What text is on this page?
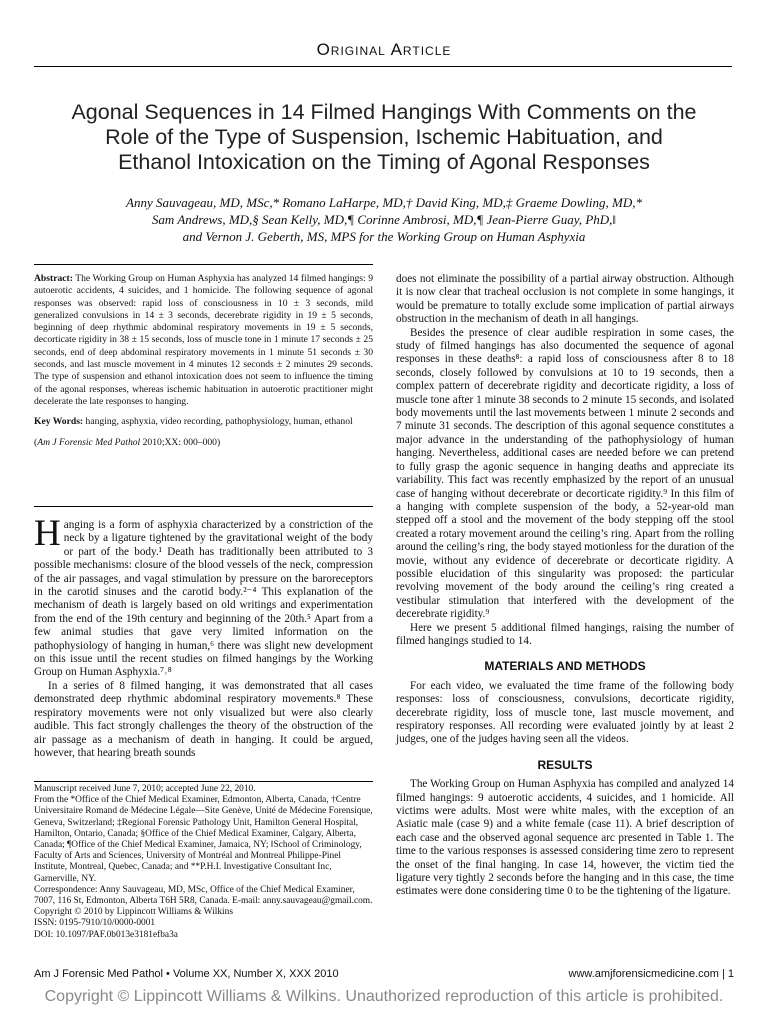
Original Article
Agonal Sequences in 14 Filmed Hangings With Comments on the
Role of the Type of Suspension, Ischemic Habituation, and
Ethanol Intoxication on the Timing of Agonal Responses
Anny Sauvageau, MD, MSc,* Romano LaHarpe, MD,† David King, MD,‡ Graeme Dowling, MD,*
Sam Andrews, MD,§ Sean Kelly, MD,¶ Corinne Ambrosi, MD,¶ Jean-Pierre Guay, PhD,‖
and Vernon J. Geberth, MS, MPS for the Working Group on Human Asphyxia

Abstract: The Working Group on Human Asphyxia has analyzed 14 filmed hangings: 9 autoerotic accidents, 4 suicides, and 1 homicide. The following sequence of agonal responses was observed: rapid loss of consciousness in 10 ± 3 seconds, mild generalized convulsions in 14 ± 3 seconds, decerebrate rigidity in 19 ± 5 seconds, beginning of deep rhythmic abdominal respiratory movements in 19 ± 5 seconds, decorticate rigidity in 38 ± 15 seconds, loss of muscle tone in 1 minute 17 seconds ± 25 seconds, end of deep abdominal respiratory movements in 1 minute 51 seconds ± 30 seconds, and last muscle movement in 4 minutes 12 seconds ± 2 minutes 29 seconds. The type of suspension and ethanol intoxication does not seem to influence the timing of the agonal responses, whereas ischemic habituation in autoerotic practitioner might decelerate the late responses to hanging.

Key Words: hanging, asphyxia, video recording, pathophysiology, human, ethanol

(Am J Forensic Med Pathol 2010;XX: 000–000)

Hanging is a form of asphyxia characterized by a constriction of the neck by a ligature tightened by the gravitational weight of the body or part of the body.¹ Death has traditionally been attributed to 3 possible mechanisms: closure of the blood vessels of the neck, compression of the air passages, and vagal stimulation by pressure on the baroreceptors in the carotid sinuses and the carotid body.²⁻⁴ This explanation of the mechanism of death is largely based on old writings and experimentation from the end of the 19th century and beginning of the 20th.⁵ Apart from a few animal studies that gave very limited information on the pathophysiology of hanging in human,⁶ there was slight new development on this issue until the recent studies on filmed hangings by the Working Group on Human Asphyxia.⁷˒⁸

In a series of 8 filmed hanging, it was demonstrated that all cases demonstrated deep rhythmic abdominal respiratory movements.⁸ These respiratory movements were not only visualized but were also clearly audible. This fact strongly challenges the theory of the obstruction of the air passage as a mechanism of death in hanging. It could be argued, however, that hearing breath sounds

Manuscript received June 7, 2010; accepted June 22, 2010.
From the *Office of the Chief Medical Examiner, Edmonton, Alberta, Canada, †Centre Universitaire Romand de Médecine Légale—Site Genève, Unité de Médecine Forensique, Geneva, Switzerland; ‡Regional Forensic Pathology Unit, Hamilton General Hospital, Hamilton, Ontario, Canada; §Office of the Chief Medical Examiner, Calgary, Alberta, Canada; ¶Office of the Chief Medical Examiner, Jamaica, NY; ‖School of Criminology, Faculty of Arts and Sciences, University of Montréal and Montreal Philippe-Pinel Institute, Montreal, Quebec, Canada; and **P.H.I. Investigative Consultant Inc, Garnerville, NY.
Correspondence: Anny Sauvageau, MD, MSc, Office of the Chief Medical Examiner, 7007, 116 St, Edmonton, Alberta T6H 5R8, Canada. E-mail: anny.sauvageau@gmail.com.
Copyright © 2010 by Lippincott Williams & Wilkins
ISSN: 0195-7910/10/0000-0001
DOI: 10.1097/PAF.0b013e3181efba3a

does not eliminate the possibility of a partial airway obstruction. Although it is now clear that tracheal occlusion is not complete in some hangings, it would be premature to totally exclude some implication of partial airways obstruction in the mechanism of death in all hangings.

Besides the presence of clear audible respiration in some cases, the study of filmed hangings has also documented the sequence of agonal responses in these deaths⁸: a rapid loss of consciousness after 8 to 18 seconds, closely followed by convulsions at 10 to 19 seconds, then a complex pattern of decerebrate rigidity and decorticate rigidity, a loss of muscle tone after 1 minute 38 seconds to 2 minute 15 seconds, and isolated body movements until the last movements between 1 minute 2 seconds and 7 minute 31 seconds. The description of this agonal sequence constitutes a major advance in the understanding of the pathophysiology of human hanging. Nevertheless, additional cases are needed before we can pretend to fully grasp the agonic sequence in hanging deaths and appreciate its variability. This fact was recently emphasized by the report of an unusual case of hanging without decerebrate or decorticate rigidity.⁹ In this film of a hanging with complete suspension of the body, a 52-year-old man stepped off a stool and the movement of the body stepping off the stool created a rotary movement around the ceiling’s ring. Apart from the rolling around the ceiling’s ring, the body stayed motionless for the duration of the movie, without any evidence of decerebrate or decorticate rigidity. A possible elucidation of this singularity was proposed: the particular revolving movement of the body around the ceiling’s ring created a vestibular stimulation that interfered with the development of the decerebrate rigidity.⁹

Here we present 5 additional filmed hangings, raising the number of filmed hangings studied to 14.

MATERIALS AND METHODS

For each video, we evaluated the time frame of the following body responses: loss of consciousness, convulsions, decorticate rigidity, decerebrate rigidity, loss of muscle tone, last muscle movement, and respiratory responses. All recording were evaluated jointly by at least 2 judges, one of the judges having seen all the videos.

RESULTS

The Working Group on Human Asphyxia has compiled and analyzed 14 filmed hangings: 9 autoerotic accidents, 4 suicides, and 1 homicide. All victims were adults. Most were white males, with the exception of an Asiatic male (case 9) and a white female (case 11). A brief description of each case and the observed agonal sequence arc presented in Table 1. The time to the various responses is assessed considering time zero to represent the onset of the final hanging. In case 14, however, the victim tied the ligature very tightly 2 seconds before the hanging and in this case, the time estimates were done considering time 0 to be the tightening of the ligature.

Am J Forensic Med Pathol • Volume XX, Number X, XXX 2010	www.amjforensicmedicine.com | 1
Copyright © Lippincott Williams & Wilkins. Unauthorized reproduction of this article is prohibited.
